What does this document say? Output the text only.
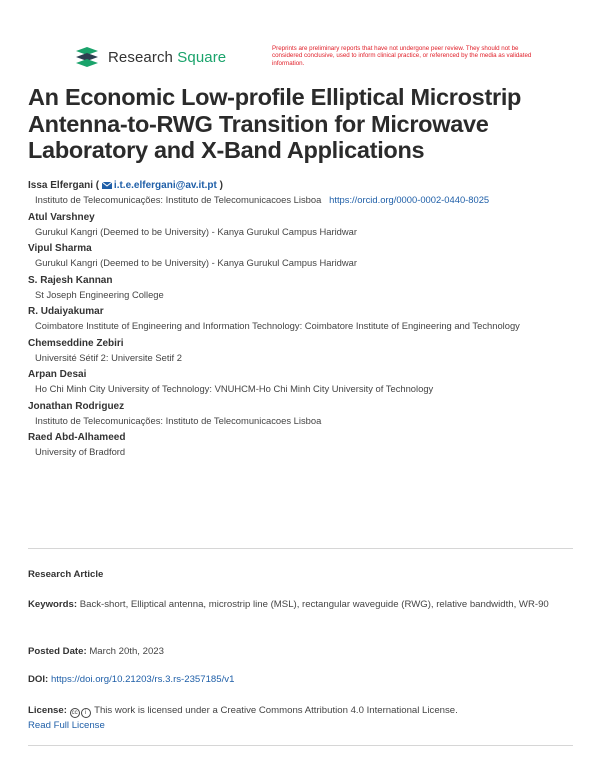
Research Square	Preprints are preliminary reports that have not undergone peer review. They should not be considered conclusive, used to inform clinical practice, or referenced by the media as validated information.
An Economic Low-profile Elliptical Microstrip Antenna-to-RWG Transition for Microwave Laboratory and X-Band Applications
Issa Elfergani ( i.t.e.elfergani@av.it.pt )
Instituto de Telecomunicações: Instituto de Telecomunicacoes Lisboa https://orcid.org/0000-0002-0440-8025
Atul Varshney
Gurukul Kangri (Deemed to be University) - Kanya Gurukul Campus Haridwar
Vipul Sharma
Gurukul Kangri (Deemed to be University) - Kanya Gurukul Campus Haridwar
S. Rajesh Kannan
St Joseph Engineering College
R. Udaiyakumar
Coimbatore Institute of Engineering and Information Technology: Coimbatore Institute of Engineering and Technology
Chemseddine Zebiri
Université Sétif 2: Universite Setif 2
Arpan Desai
Ho Chi Minh City University of Technology: VNUHCM-Ho Chi Minh City University of Technology
Jonathan Rodriguez
Instituto de Telecomunicações: Instituto de Telecomunicacoes Lisboa
Raed Abd-Alhameed
University of Bradford
Research Article
Keywords: Back-short, Elliptical antenna, microstrip line (MSL), rectangular waveguide (RWG), relative bandwidth, WR-90
Posted Date: March 20th, 2023
DOI: https://doi.org/10.21203/rs.3.rs-2357185/v1
License: cc i This work is licensed under a Creative Commons Attribution 4.0 International License.
Read Full License
